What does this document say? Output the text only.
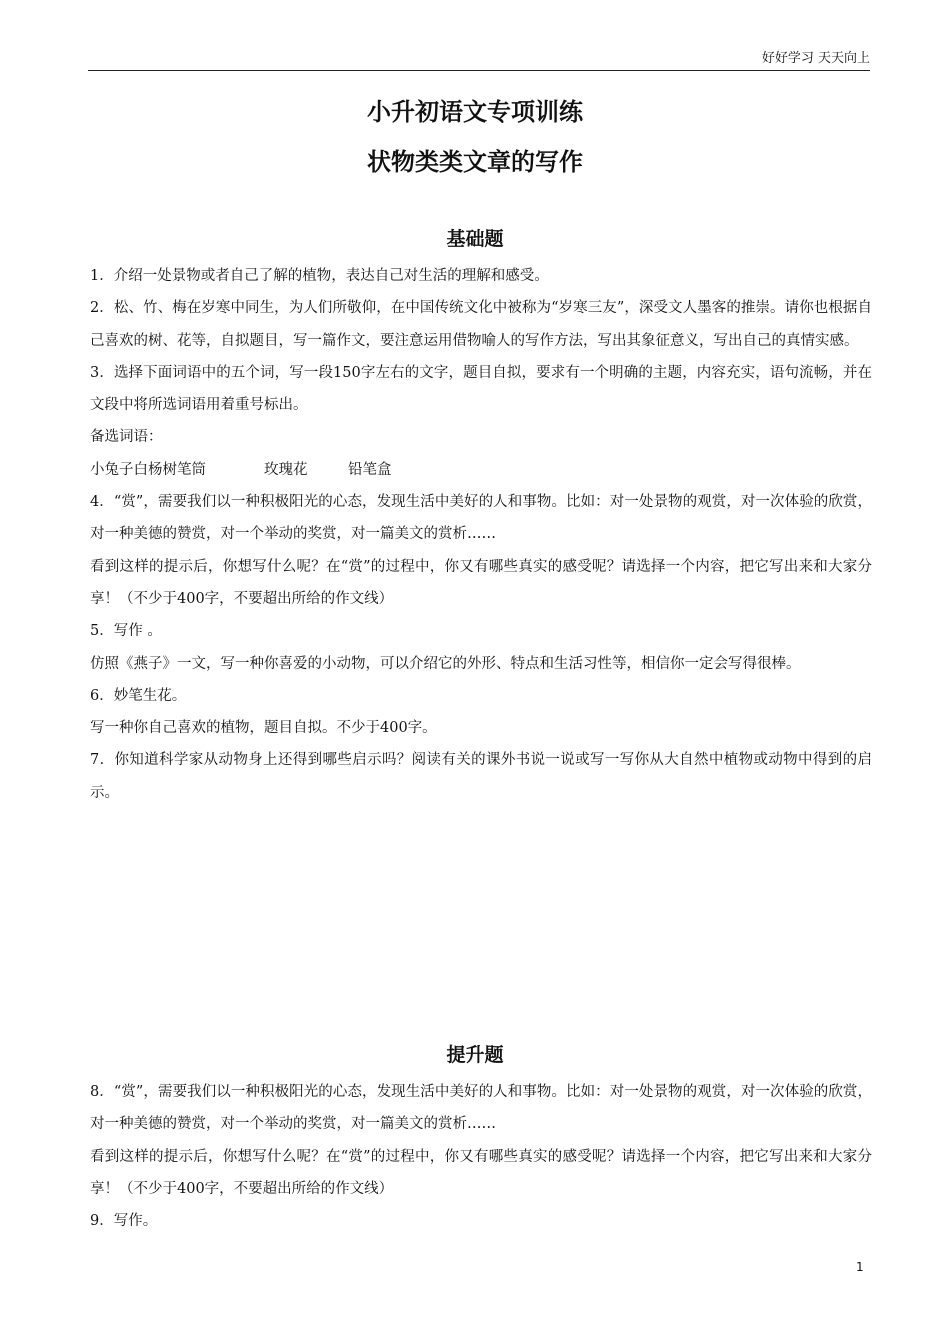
好好学习 天天向上
小升初语文专项训练
状物类类文章的写作
基础题

1．介绍一处景物或者自己了解的植物，表达自己对生活的理解和感受。

2．松、竹、梅在岁寒中同生，为人们所敬仰，在中国传统文化中被称为“岁寒三友”，深受文人墨客的推崇。请你也根据自己喜欢的树、花等，自拟题目，写一篇作文，要注意运用借物喻人的写作方法，写出其象征意义，写出自己的真情实感。

3．选择下面词语中的五个词，写一段150字左右的文字，题目自拟，要求有一个明确的主题，内容充实，语句流畅，并在文段中将所选词语用着重号标出。

备选词语：

小兔子白杨树笔筒	玫瑰花	铅笔盒

4．“赏”，需要我们以一种积极阳光的心态，发现生活中美好的人和事物。比如：对一处景物的观赏，对一次体验的欣赏，对一种美德的赞赏，对一个举动的奖赏，对一篇美文的赏析……

看到这样的提示后，你想写什么呢？在“赏”的过程中，你又有哪些真实的感受呢？请选择一个内容，把它写出来和大家分享！（不少于400字，不要超出所给的作文线）

5．写作 。

仿照《燕子》一文，写一种你喜爱的小动物，可以介绍它的外形、特点和生活习性等，相信你一定会写得很棒。

6．妙笔生花。

写一种你自己喜欢的植物，题目自拟。不少于400字。

7．你知道科学家从动物身上还得到哪些启示吗？阅读有关的课外书说一说或写一写你从大自然中植物或动物中得到的启示。

提升题

8．“赏”，需要我们以一种积极阳光的心态，发现生活中美好的人和事物。比如：对一处景物的观赏，对一次体验的欣赏，对一种美德的赞赏，对一个举动的奖赏，对一篇美文的赏析……

看到这样的提示后，你想写什么呢？在“赏”的过程中，你又有哪些真实的感受呢？请选择一个内容，把它写出来和大家分享！（不少于400字，不要超出所给的作文线）

9．写作。

1
